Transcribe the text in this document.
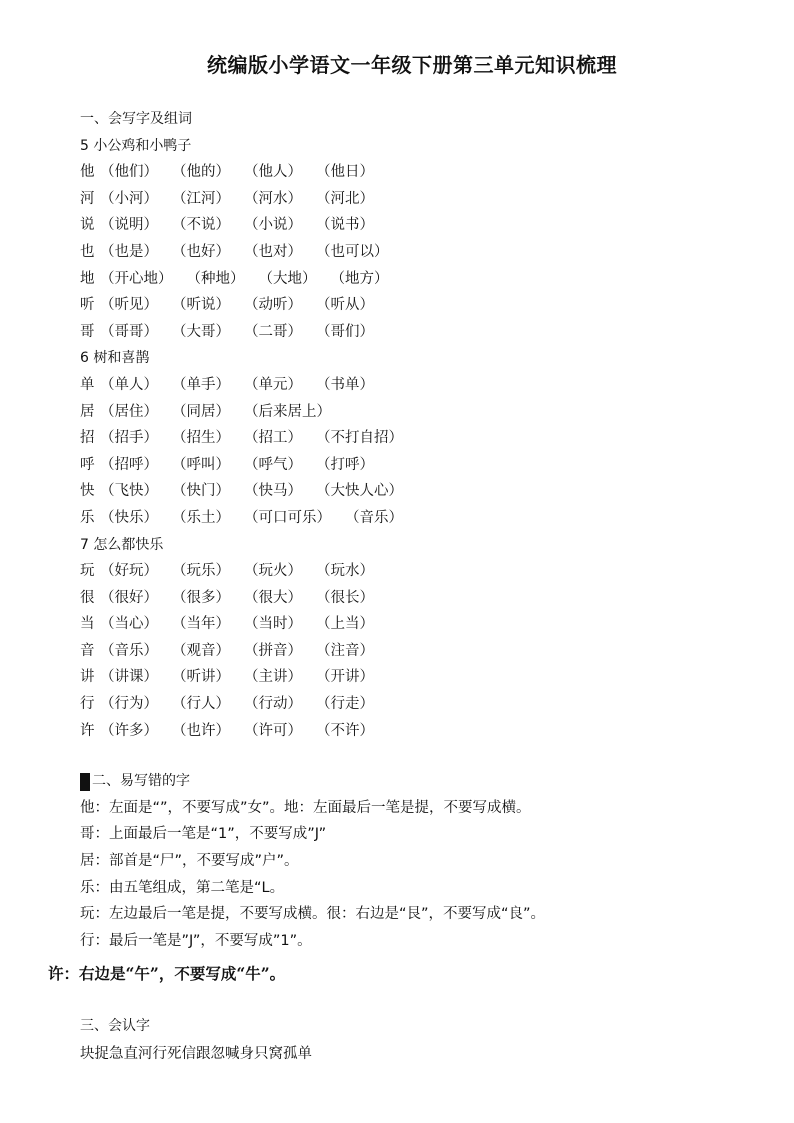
统编版小学语文一年级下册第三单元知识梳理
一、会写字及组词
5 小公鸡和小鸭子
他 （他们） （他的） （他人） （他日）
河 （小河） （江河） （河水） （河北）
说 （说明） （不说） （小说） （说书）
也 （也是） （也好） （也对） （也可以）
地 （开心地） （种地） （大地） （地方）
听 （听见） （听说） （动听） （听从）
哥 （哥哥） （大哥） （二哥） （哥们）
6 树和喜鹊
单 （单人） （单手） （单元） （书单）
居 （居住） （同居） （后来居上）
招 （招手） （招生） （招工） （不打自招）
呼 （招呼） （呼叫） （呼气） （打呼）
快 （飞快） （快门） （快马） （大快人心）
乐 （快乐） （乐土） （可口可乐） （音乐）
7 怎么都快乐
玩 （好玩） （玩乐） （玩火） （玩水）
很 （很好） （很多） （很大） （很长）
当 （当心） （当年） （当时） （上当）
音 （音乐） （观音） （拼音） （注音）
讲 （讲课） （听讲） （主讲） （开讲）
行 （行为） （行人） （行动） （行走）
许 （许多） （也许） （许可） （不许）
二、易写错的字
他：左面是“”，不要写成”女”。地：左面最后一笔是提，不要写成横。
哥：上面最后一笔是“1”，不要写成”J”
居：部首是“尸”，不要写成”户”。
乐：由五笔组成，第二笔是“L。
玩：左边最后一笔是提，不要写成横。很：右边是“艮”，不要写成“良”。
行：最后一笔是”J”，不要写成”1”。
许：右边是“午”，不要写成“牛”。
三、会认字
块捉急直河行死信跟忽喊身只窝孤单
